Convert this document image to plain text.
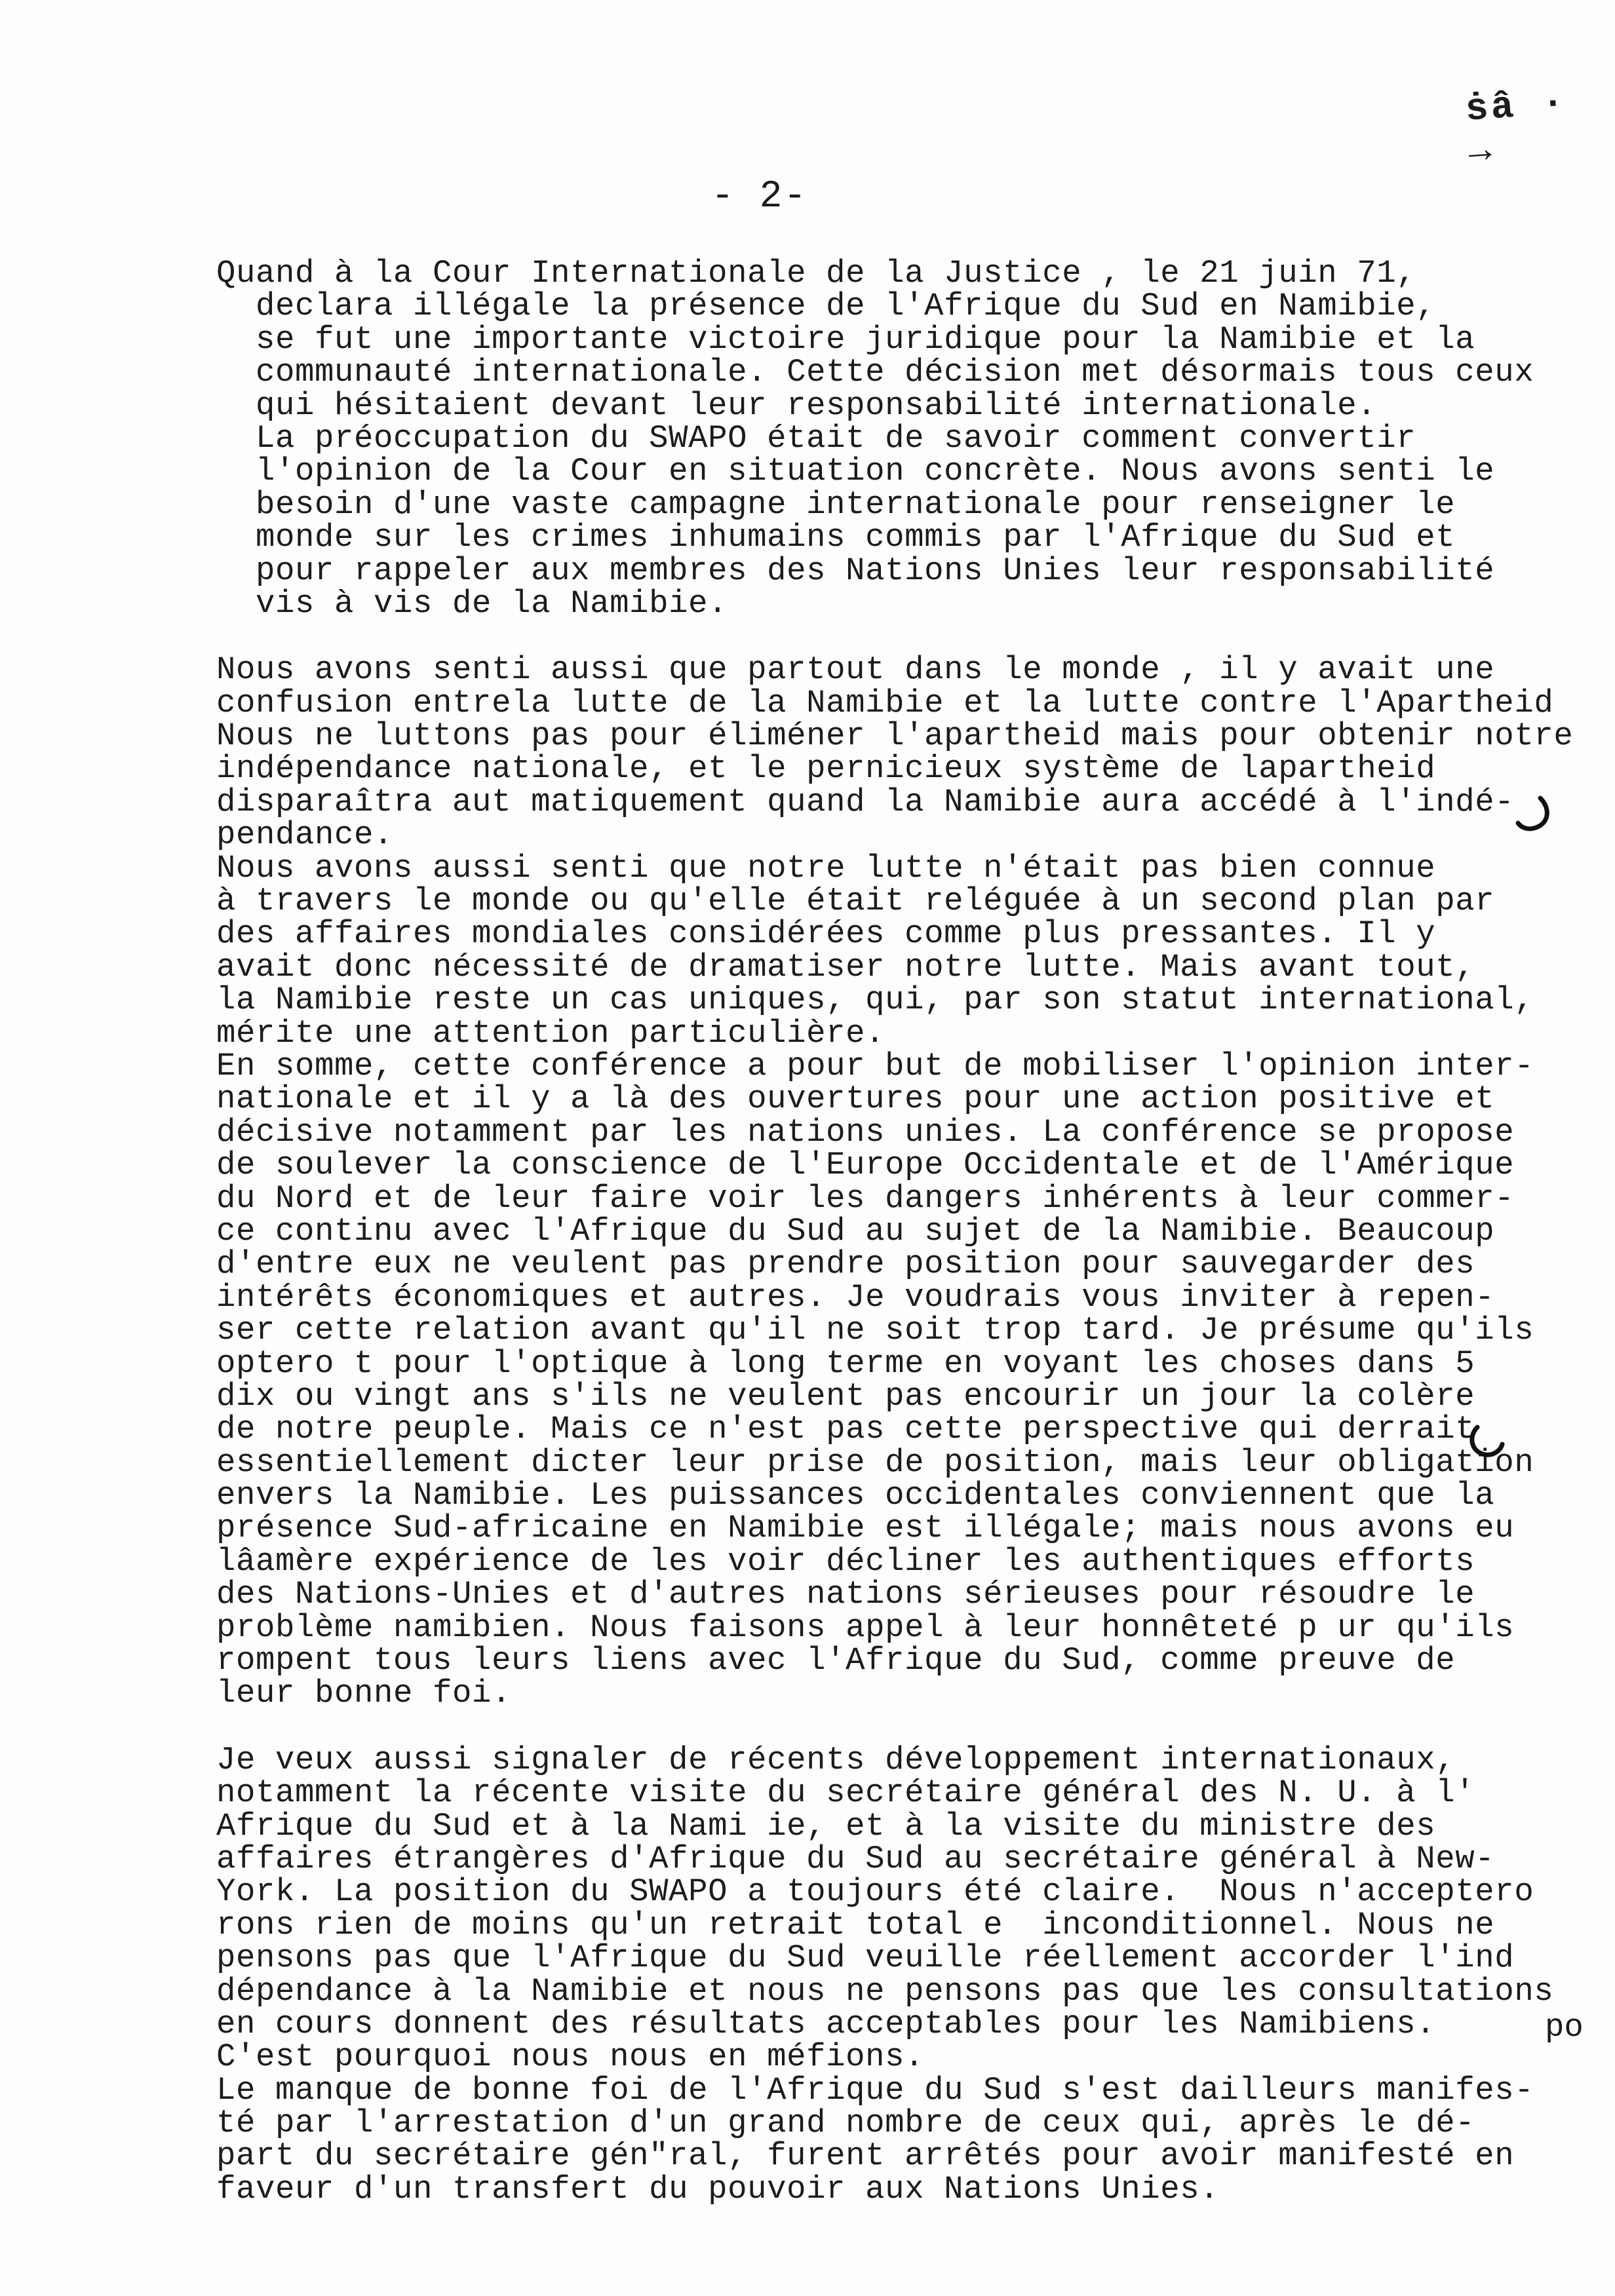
ṡâ · →
- 2-
Quand à la Cour Internationale de la Justice , le 21 juin 71,
declara illégale la présence de l'Afrique du Sud en Namibie,
se fut une importante victoire juridique pour la Namibie et la
communauté internationale. Cette décision met désormais tous ceux
qui hésitaient devant leur responsabilité internationale.
La préoccupation du SWAPO était de savoir comment convertir
l'opinion de la Cour en situation concrète. Nous avons senti le
besoin d'une vaste campagne internationale pour renseigner le
monde sur les crimes inhumains commis par l'Afrique du Sud et
pour rappeler aux membres des Nations Unies leur responsabilité
vis à vis de la Namibie.
Nous avons senti aussi que partout dans le monde , il y avait une
confusion entrela lutte de la Namibie et la lutte contre l'Apartheid
Nous ne luttons pas pour éliméner l'apartheid mais pour obtenir notre
indépendance nationale, et le pernicieux système de lapartheid
disparaîtra aut matiquement quand la Namibie aura accédé à l'indé-
pendance.
Nous avons aussi senti que notre lutte n'était pas bien connue
à travers le monde ou qu'elle était reléguée à un second plan par
des affaires mondiales considérées comme plus pressantes. Il y
avait donc nécessité de dramatiser notre lutte. Mais avant tout,
la Namibie reste un cas uniques, qui, par son statut international,
mérite une attention particulière.
En somme, cette conférence a pour but de mobiliser l'opinion inter-
nationale et il y a là des ouvertures pour une action positive et
décisive notamment par les nations unies. La conférence se propose
de soulever la conscience de l'Europe Occidentale et de l'Amérique
du Nord et de leur faire voir les dangers inhérents à leur commer-
ce continu avec l'Afrique du Sud au sujet de la Namibie. Beaucoup
d'entre eux ne veulent pas prendre position pour sauvegarder des
intérêts économiques et autres. Je voudrais vous inviter à repen-
ser cette relation avant qu'il ne soit trop tard. Je présume qu'ils
optero t pour l'optique à long terme en voyant les choses dans 5
dix ou vingt ans s'ils ne veulent pas encourir un jour la colère
de notre peuple. Mais ce n'est pas cette perspective qui derrait
essentiellement dicter leur prise de position, mais leur obligation
envers la Namibie. Les puissances occidentales conviennent que la
présence Sud-africaine en Namibie est illégale; mais nous avons eu
lâamère expérience de les voir décliner les authentiques efforts
des Nations-Unies et d'autres nations sérieuses pour résoudre le
problème namibien. Nous faisons appel à leur honnêteté p ur qu'ils
rompent tous leurs liens avec l'Afrique du Sud, comme preuve de
leur bonne foi.
Je veux aussi signaler de récents développement internationaux,
notamment la récente visite du secrétaire général des N. U. à l'
Afrique du Sud et à la Nami ie, et à la visite du ministre des
affaires étrangères d'Afrique du Sud au secrétaire général à New-
York. La position du SWAPO a toujours été claire.  Nous n'acceptero
rons rien de moins qu'un retrait total e  inconditionnel. Nous ne
pensons pas que l'Afrique du Sud veuille réellement accorder l'ind
dépendance à la Namibie et nous ne pensons pas que les consultations
en cours donnent des résultats acceptables pour les Namibiens.
C'est pourquoi nous nous en méfions.
Le manque de bonne foi de l'Afrique du Sud s'est dailleurs manifes-
té par l'arrestation d'un grand nombre de ceux qui, après le dé-
part du secrétaire gén"ral, furent arrêtés pour avoir manifesté en
faveur d'un transfert du pouvoir aux Nations Unies.
po
